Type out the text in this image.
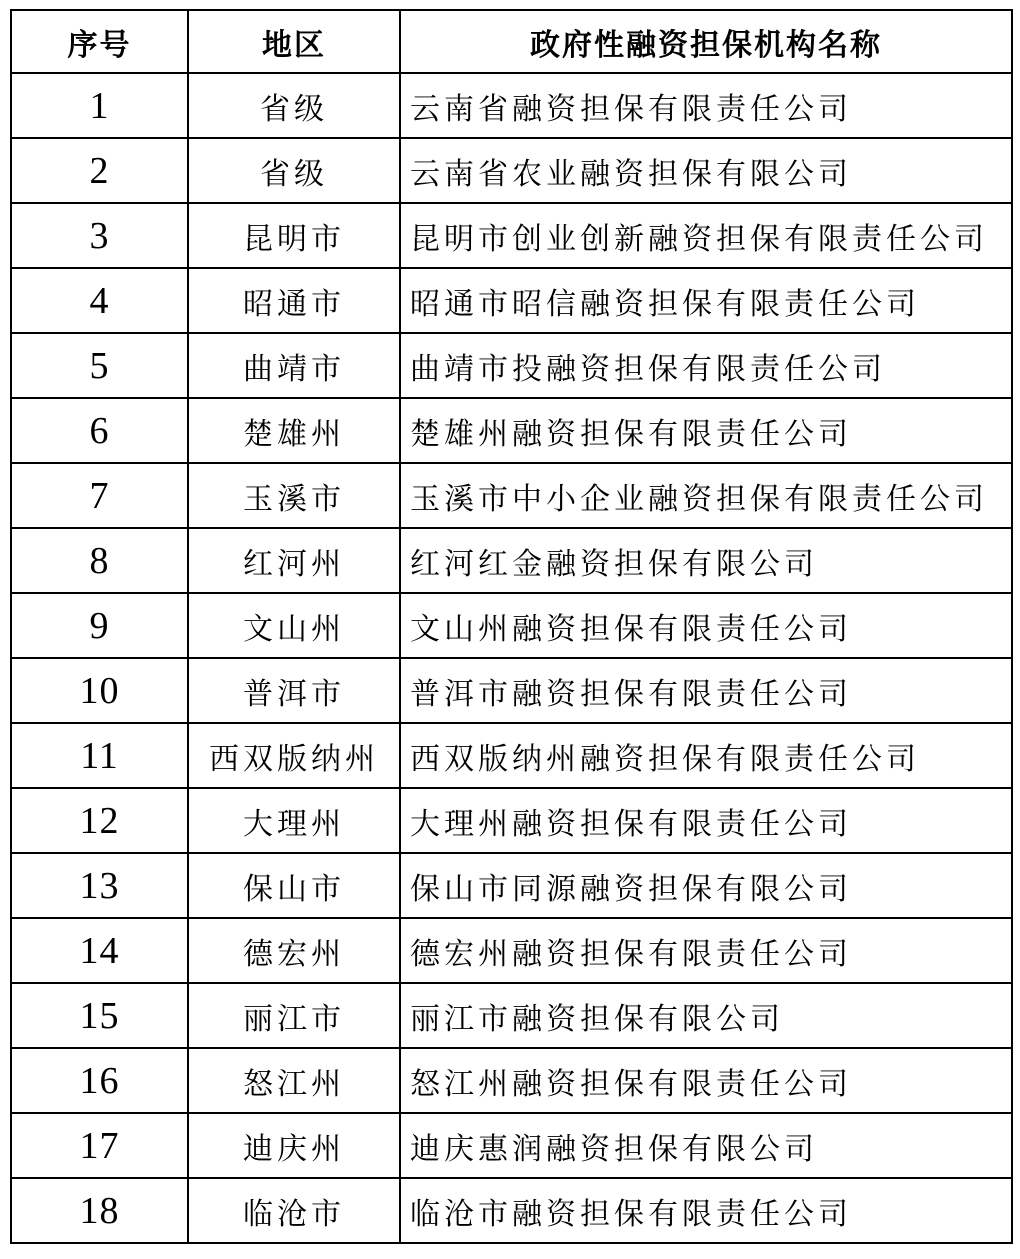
序号	地区	政府性融资担保机构名称
1	省级	云南省融资担保有限责任公司
2	省级	云南省农业融资担保有限公司
3	昆明市	昆明市创业创新融资担保有限责任公司
4	昭通市	昭通市昭信融资担保有限责任公司
5	曲靖市	曲靖市投融资担保有限责任公司
6	楚雄州	楚雄州融资担保有限责任公司
7	玉溪市	玉溪市中小企业融资担保有限责任公司
8	红河州	红河红金融资担保有限公司
9	文山州	文山州融资担保有限责任公司
10	普洱市	普洱市融资担保有限责任公司
11	西双版纳州	西双版纳州融资担保有限责任公司
12	大理州	大理州融资担保有限责任公司
13	保山市	保山市同源融资担保有限公司
14	德宏州	德宏州融资担保有限责任公司
15	丽江市	丽江市融资担保有限公司
16	怒江州	怒江州融资担保有限责任公司
17	迪庆州	迪庆惠润融资担保有限公司
18	临沧市	临沧市融资担保有限责任公司
